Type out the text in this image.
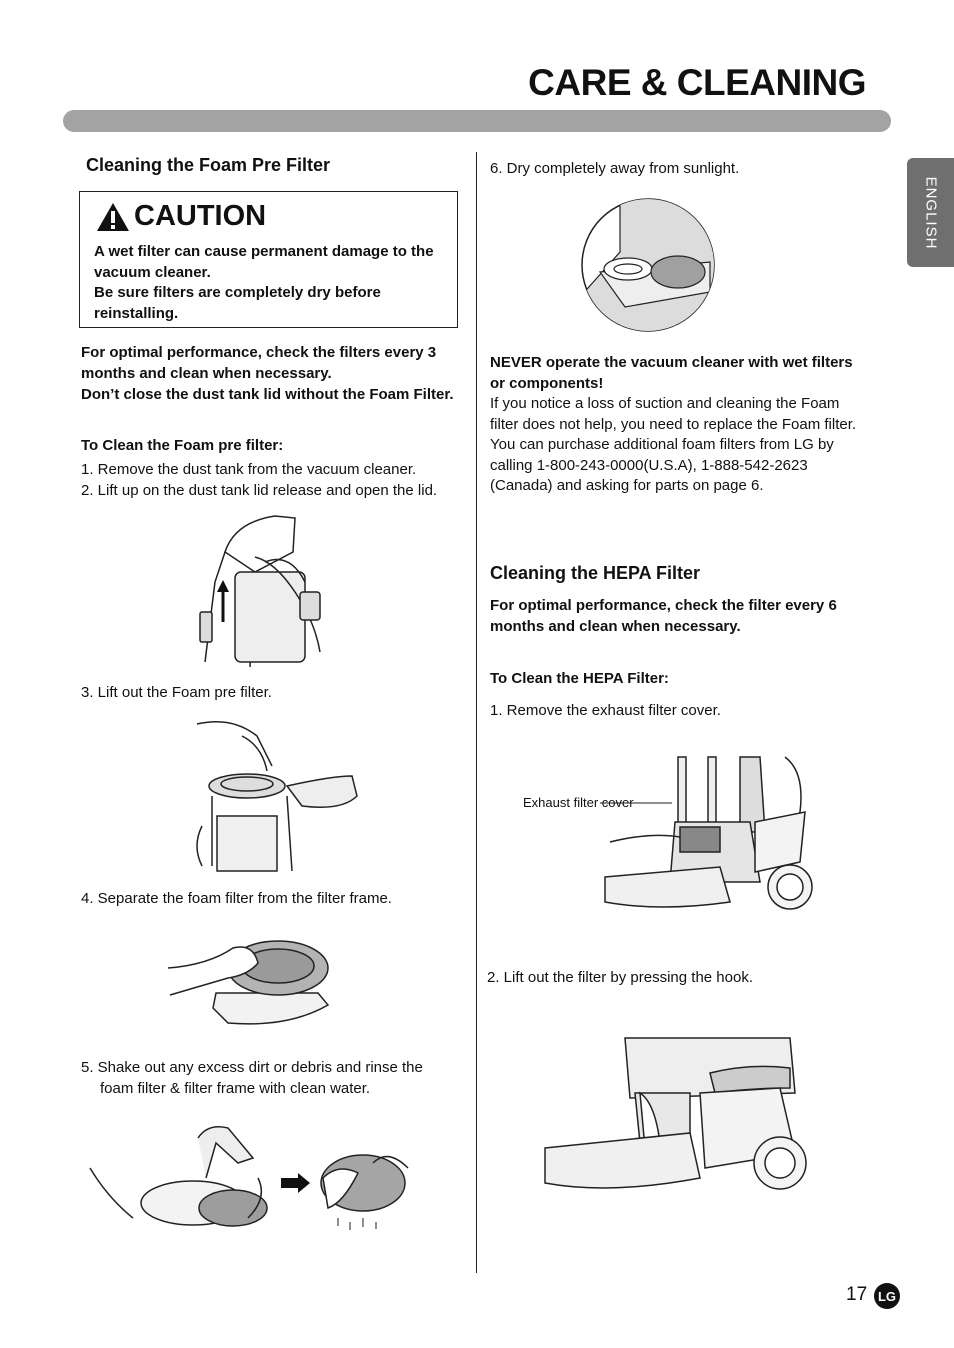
CARE & CLEANING
ENGLISH
Cleaning the Foam Pre Filter
CAUTION

A wet filter can cause permanent damage to the vacuum cleaner.

Be sure filters are completely dry before reinstalling.

For optimal performance, check the filters every 3 months and clean when necessary.

Don’t close the dust tank lid without the Foam Filter.

To Clean the Foam pre filter:

1. Remove the dust tank from the vacuum cleaner.
2. Lift up on the dust tank lid release and open the lid.

3. Lift out the Foam pre filter.

4. Separate the foam filter from the filter frame.

5. Shake out any excess dirt or debris and rinse the foam filter & filter frame with clean water.

6. Dry completely away from sunlight.

NEVER operate the vacuum cleaner with wet filters or components!

If you notice a loss of suction and cleaning the Foam filter does not help, you need to replace the Foam filter. You can purchase additional foam filters from LG by calling 1-800-243-0000(U.S.A), 1-888-542-2623 (Canada) and asking for parts on page 6.

Cleaning the HEPA Filter

For optimal performance, check the filter every 6 months and clean when necessary.

To Clean the HEPA Filter:

1. Remove the exhaust filter cover.

Exhaust filter cover

2. Lift out the filter by pressing the hook.

17 LG
